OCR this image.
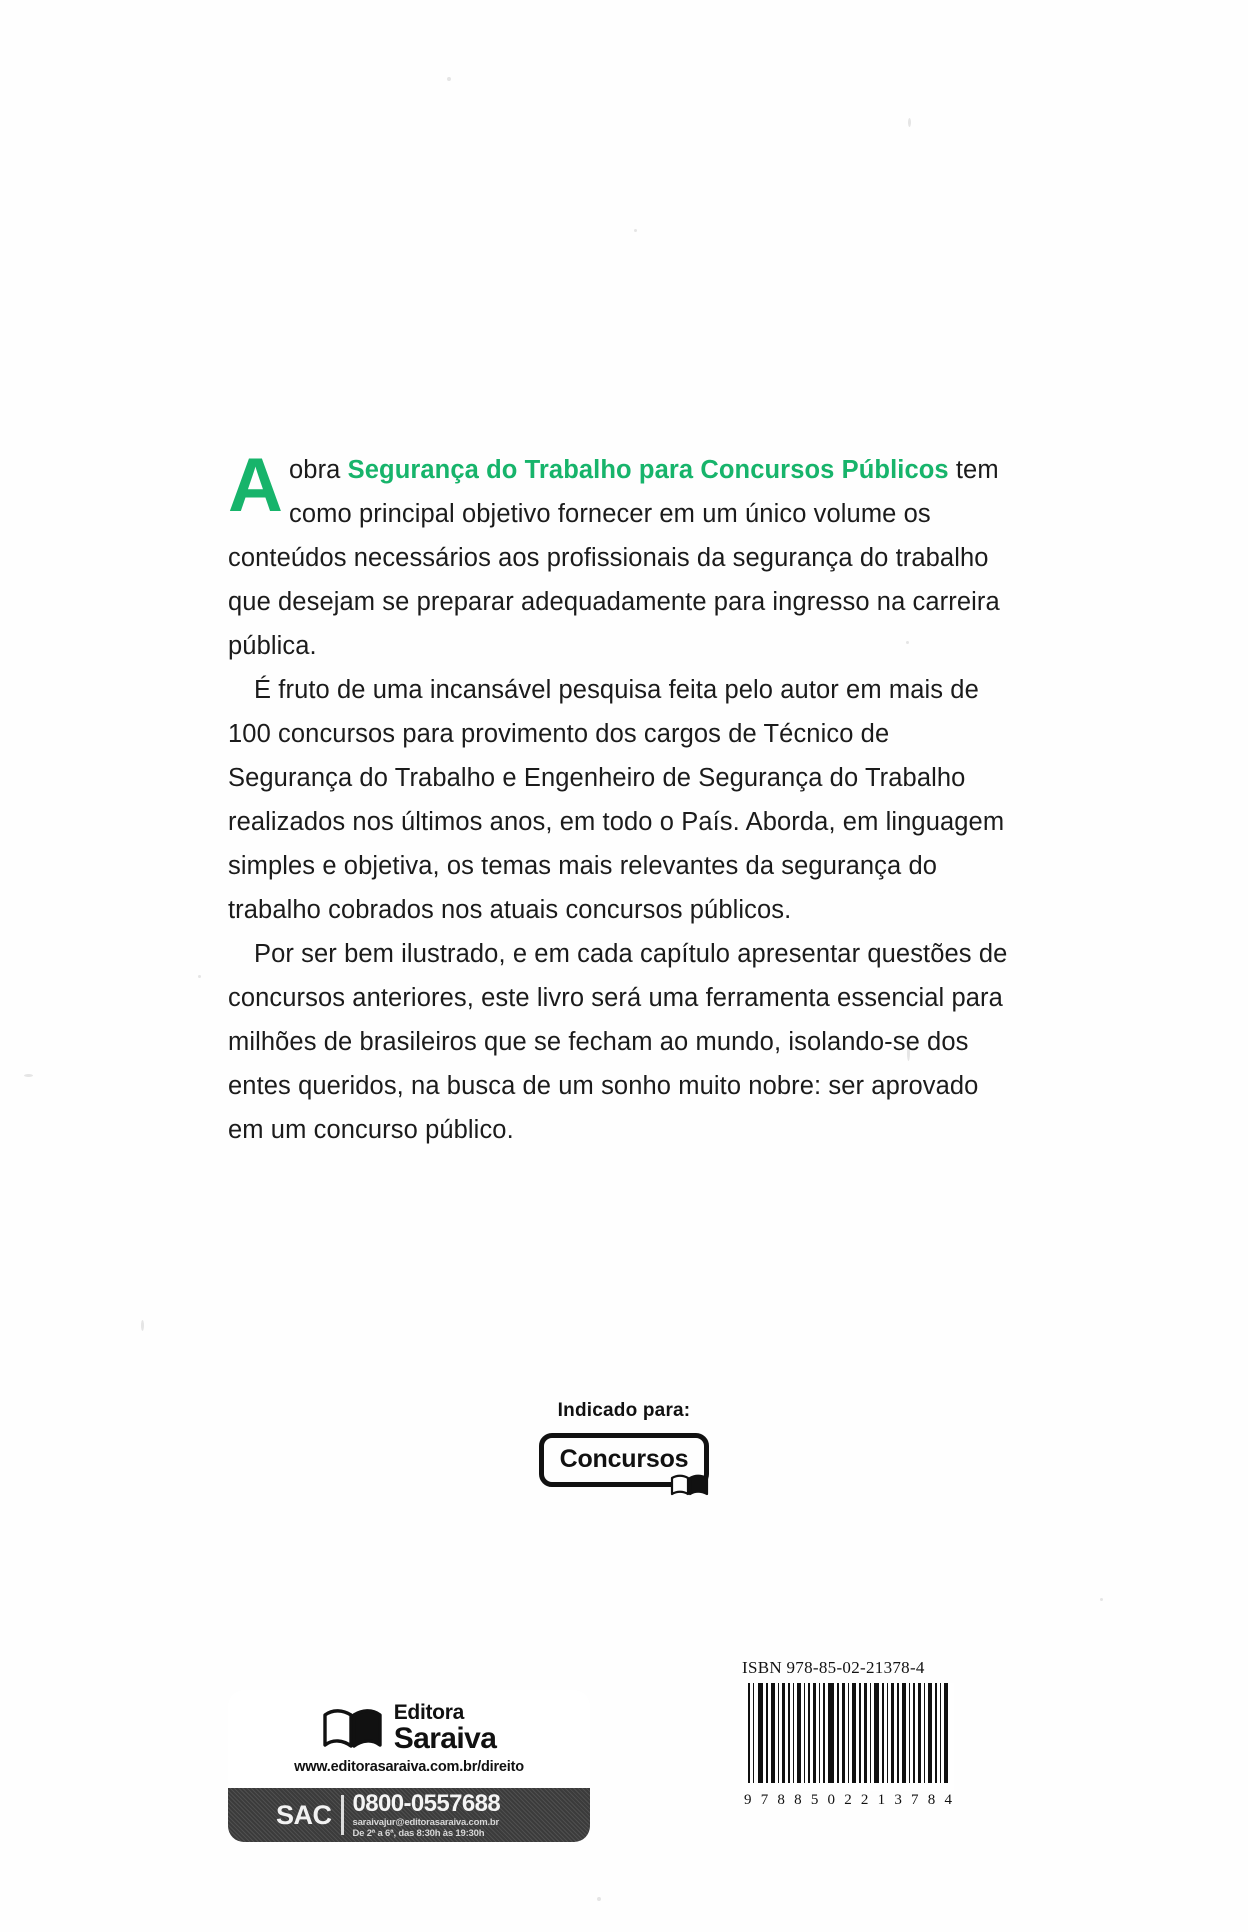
Aobra Segurança do Trabalho para Concursos Públicos tem como principal objetivo fornecer em um único volume os conteúdos necessários aos profissionais da segurança do trabalho que desejam se preparar adequadamente para ingresso na carreira pública.

É fruto de uma incansável pesquisa feita pelo autor em mais de 100 concursos para provimento dos cargos de Técnico de Segurança do Trabalho e Engenheiro de Segurança do Trabalho realizados nos últimos anos, em todo o País. Aborda, em linguagem simples e objetiva, os temas mais relevantes da segurança do trabalho cobrados nos atuais concursos públicos.

Por ser bem ilustrado, e em cada capítulo apresentar questões de concursos anteriores, este livro será uma ferramenta essencial para milhões de brasileiros que se fecham ao mundo, isolando-se dos entes queridos, na busca de um sonho muito nobre: ser aprovado em um concurso público.

Indicado para:
Concursos
Editora
Saraiva
www.editorasaraiva.com.br/direito
SAC 0800-0557688
saraivajur@editorasaraiva.com.br
De 2ª a 6ª, das 8:30h às 19:30h
ISBN 978-85-02-21378-4
9 7 8 8 5 0 2 2 1 3 7 8 4
